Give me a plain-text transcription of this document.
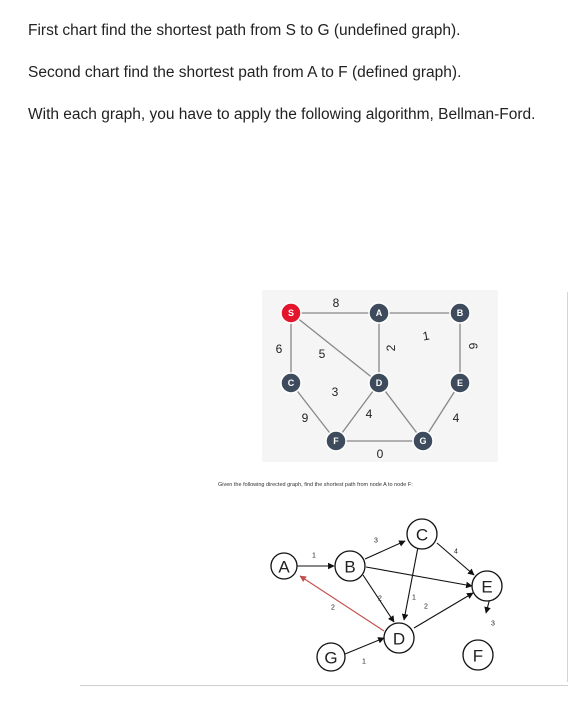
First chart find the shortest path from S to G (undefined graph).

Second chart find the shortest path from A to F (defined graph).

With each graph, you have to apply the following algorithm, Bellman-Ford.

S	A	B
C	D	E
F	G
8
6	5	2
1
6
9
3
4	4
0
Given the following directed graph, find the shortest path from node A to node F:
A	B
C
D
E
F
G
1
3
2
2
1
4
2
3
1
